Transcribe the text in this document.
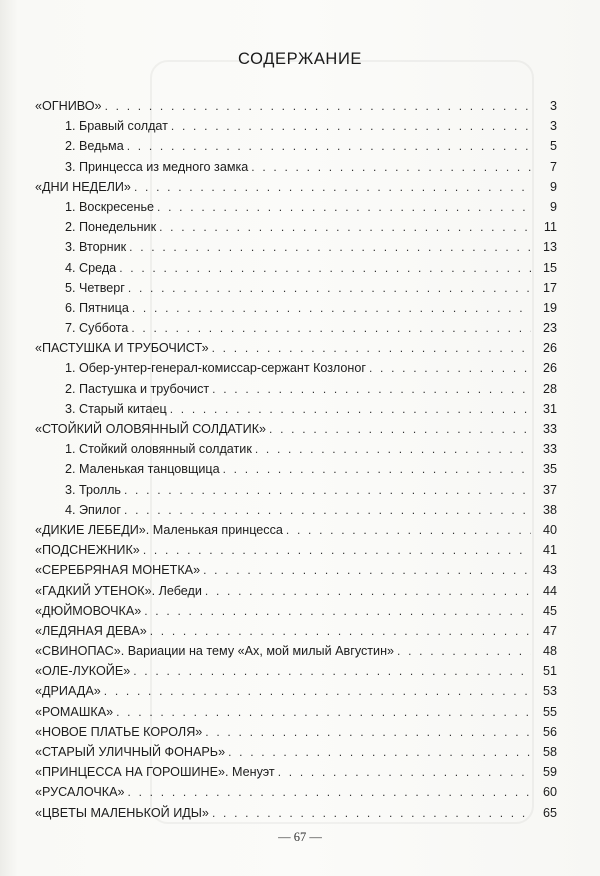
СОДЕРЖАНИЕ
«ОГНИВО» . . .	3
1. Бравый солдат . . .	3
2. Ведьма . . .	5
3. Принцесса из медного замка . . .	7
«ДНИ НЕДЕЛИ» . . .	9
1. Воскресенье . . .	9
2. Понедельник . . .	11
3. Вторник . . .	13
4. Среда . . .	15
5. Четверг . . .	17
6. Пятница . . .	19
7. Суббота . . .	23
«ПАСТУШКА И ТРУБОЧИСТ» . . .	26
1. Обер-унтер-генерал-комиссар-сержант Козлоног . . .	26
2. Пастушка и трубочист . . .	28
3. Старый китаец . . .	31
«СТОЙКИЙ ОЛОВЯННЫЙ СОЛДАТИК» . . .	33
1. Стойкий оловянный солдатик . . .	33
2. Маленькая танцовщица . . .	35
3. Тролль . . .	37
4. Эпилог . . .	38
«ДИКИЕ ЛЕБЕДИ». Маленькая принцесса . . .	40
«ПОДСНЕЖНИК» . . .	41
«СЕРЕБРЯНАЯ МОНЕТКА» . . .	43
«ГАДКИЙ УТЕНОК». Лебеди . . .	44
«ДЮЙМОВОЧКА» . . .	45
«ЛЕДЯНАЯ ДЕВА» . . .	47
«СВИНОПАС». Вариации на тему «Ах, мой милый Августин» . . .	48
«ОЛЕ-ЛУКОЙЕ» . . .	51
«ДРИАДА» . . .	53
«РОМАШКА» . . .	55
«НОВОЕ ПЛАТЬЕ КОРОЛЯ» . . .	56
«СТАРЫЙ УЛИЧНЫЙ ФОНАРЬ» . . .	58
«ПРИНЦЕССА НА ГОРОШИНЕ». Менуэт . . .	59
«РУСАЛОЧКА» . . .	60
«ЦВЕТЫ МАЛЕНЬКОЙ ИДЫ» . . .	65
— 67 —
